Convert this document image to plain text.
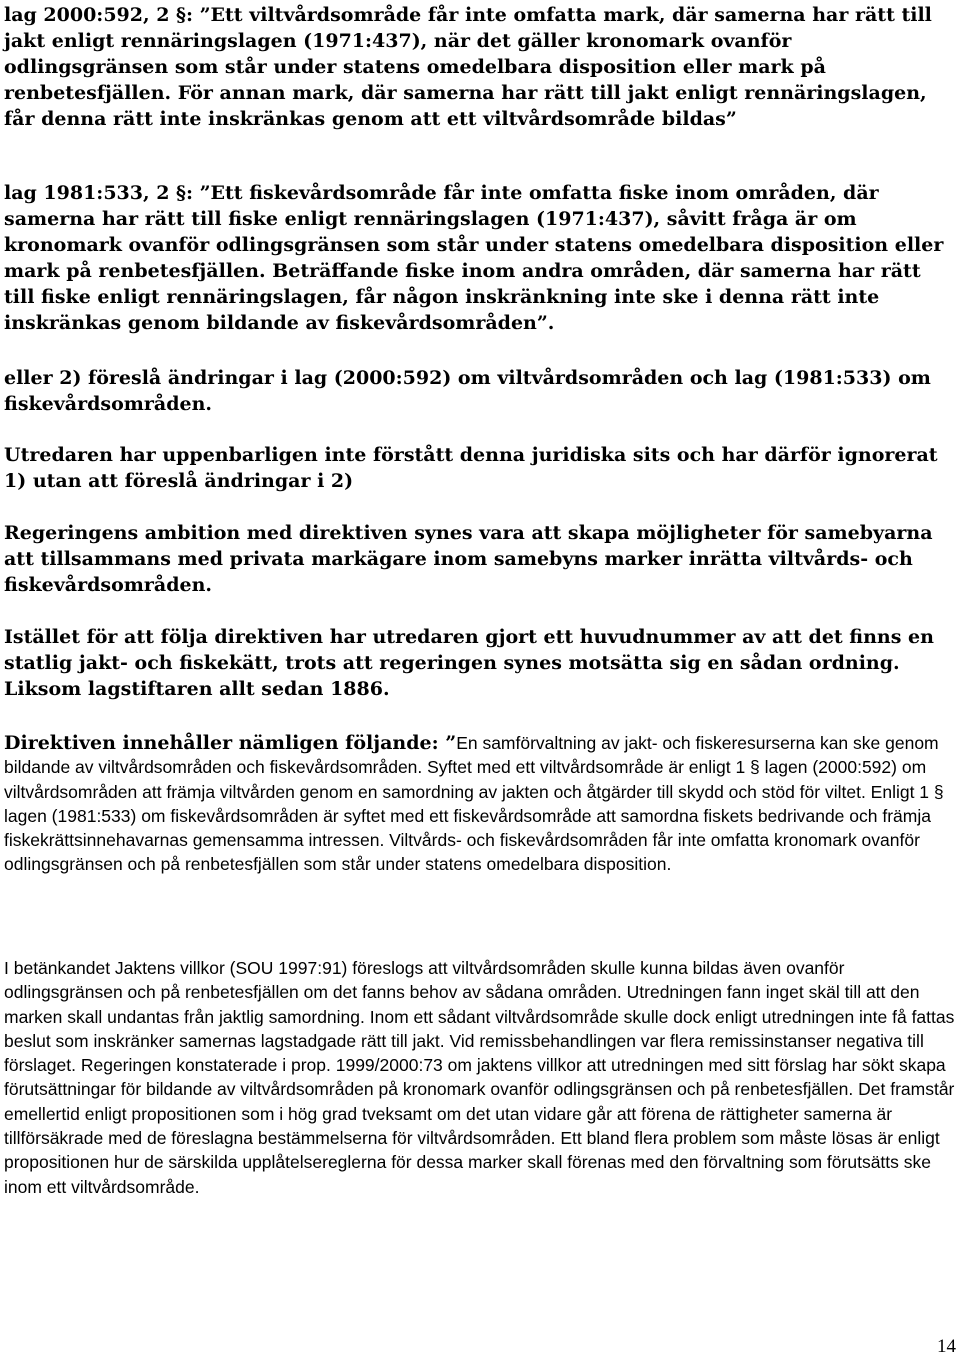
lag 2000:592, 2 §: ”Ett viltvårdsområde får inte omfatta mark, där samerna har rätt till jakt enligt rennäringslagen (1971:437), när det gäller kronomark ovanför odlingsgränsen som står under statens omedelbara disposition eller mark på renbetesfjällen. För annan mark, där samerna har rätt till jakt enligt rennäringslagen, får denna rätt inte inskränkas genom att ett viltvårdsområde bildas”

lag 1981:533, 2 §: ”Ett fiskevårdsområde får inte omfatta fiske inom områden, där samerna har rätt till fiske enligt rennäringslagen (1971:437), såvitt fråga är om kronomark ovanför odlingsgränsen som står under statens omedelbara disposition eller mark på renbetesfjällen. Beträffande fiske inom andra områden, där samerna har rätt till fiske enligt rennäringslagen, får någon inskränkning inte ske i denna rätt inte inskränkas genom bildande av fiskevårdsområden”.

eller 2) föreslå ändringar i lag (2000:592) om viltvårdsområden och lag (1981:533) om fiskevårdsområden.

Utredaren har uppenbarligen inte förstått denna juridiska sits och har därför ignorerat 1) utan att föreslå ändringar i 2)

Regeringens ambition med direktiven synes vara att skapa möjligheter för samebyarna att tillsammans med privata markägare inom samebyns marker inrätta viltvårds- och fiskevårdsområden.

Istället för att följa direktiven har utredaren gjort ett huvudnummer av att det finns en statlig jakt- och fiskekätt, trots att regeringen synes motsätta sig en sådan ordning. Liksom lagstiftaren allt sedan 1886.

Direktiven innehåller nämligen följande: ”En samförvaltning av jakt- och fiskeresurserna kan ske genom bildande av viltvårdsområden och fiskevårdsområden. Syftet med ett viltvårdsområde är enligt 1 § lagen (2000:592) om viltvårdsområden att främja viltvården genom en samordning av jakten och åtgärder till skydd och stöd för viltet. Enligt 1 § lagen (1981:533) om fiskevårdsområden är syftet med ett fiskevårdsområde att samordna fiskets bedrivande och främja fiskekrättsinnehavarnas gemensamma intressen. Viltvårds- och fiskevårdsområden får inte omfatta kronomark ovanför odlingsgränsen och på renbetesfjällen som står under statens omedelbara disposition.

I betänkandet Jaktens villkor (SOU 1997:91) föreslogs att viltvårdsområden skulle kunna bildas även ovanför odlingsgränsen och på renbetesfjällen om det fanns behov av sådana områden. Utredningen fann inget skäl till att den marken skall undantas från jaktlig samordning. Inom ett sådant viltvårdsområde skulle dock enligt utredningen inte få fattas beslut som inskränker samernas lagstadgade rätt till jakt. Vid remissbehandlingen var flera remissinstanser negativa till förslaget. Regeringen konstaterade i prop. 1999/2000:73 om jaktens villkor att utredningen med sitt förslag har sökt skapa förutsättningar för bildande av viltvårdsområden på kronomark ovanför odlingsgränsen och på renbetesfjällen. Det framstår emellertid enligt propositionen som i hög grad tveksamt om det utan vidare går att förena de rättigheter samerna är tillförsäkrade med de föreslagna bestämmelserna för viltvårdsområden. Ett bland flera problem som måste lösas är enligt propositionen hur de särskilda upplåtelsereglerna för dessa marker skall förenas med den förvaltning som förutsätts ske inom ett viltvårdsområde.

14
